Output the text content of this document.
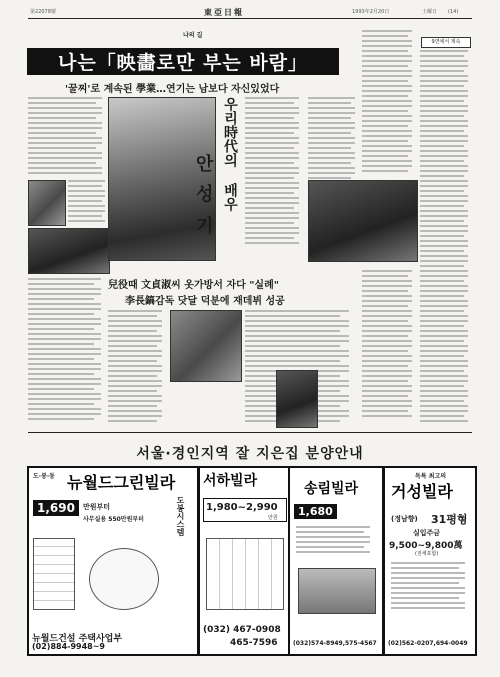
第22078號	東亞日報	1993年2月20日	土曜日 (14)
나의 길
나는「映畵로만 부는 바람」
'꿀찌'로 계속된 學業…연기는 남보다 자신있었다
9면에서 계속
우리時代의 배우
안
성
기
兒役때 文貞淑씨 옷가방서 자다 "실례"
李長鎬감독 닷달 덕분에 재데뷔 성공
서울·경인지역 잘 지은집 분양안내
도·봉·동 뉴월드그린빌라
1,690	만원부터
사무실용 550만원부터	도봉시스템
뉴월드건설 주택사업부
(02)884-9948~9
서하빌라
1,980~2,990
만원
(032) 467-0908
465-7596
송림빌라
1,680
(032)574-8949,575-4567
독특 최고의
거성빌라
(정남향) 31평형
실입주금
9,500~9,800萬
(전세포함)
(02)562-0207,694-0049
